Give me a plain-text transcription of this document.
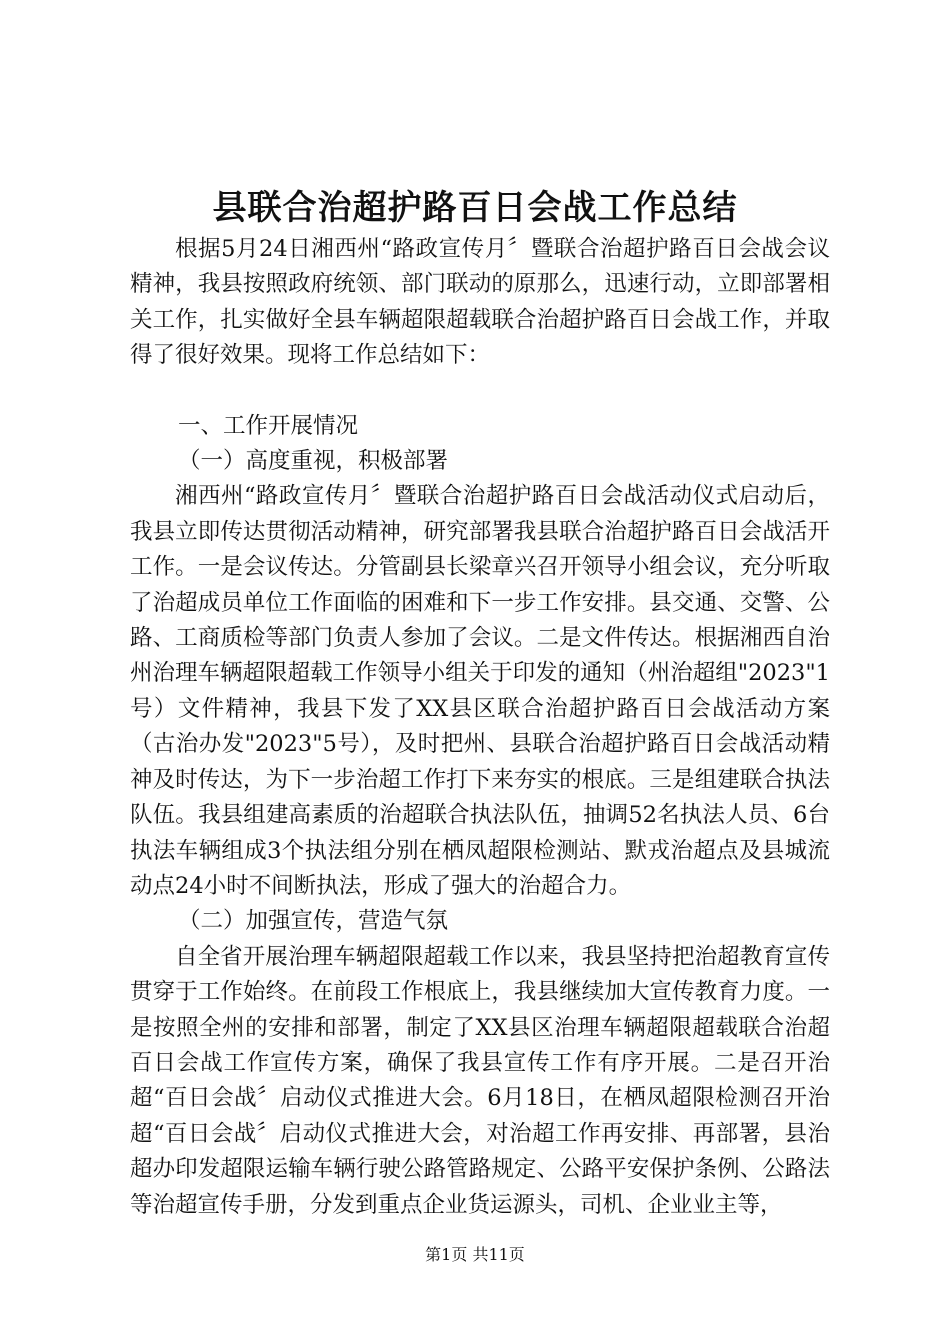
县联合治超护路百日会战工作总结

根据5月24日湘西州“路政宣传月〞暨联合治超护路百日会战会议精神，我县按照政府统领、部门联动的原那么，迅速行动，立即部署相关工作，扎实做好全县车辆超限超载联合治超护路百日会战工作，并取得了很好效果。现将工作总结如下：

一、工作开展情况

（一）高度重视，积极部署

湘西州“路政宣传月〞暨联合治超护路百日会战活动仪式启动后，我县立即传达贯彻活动精神，研究部署我县联合治超护路百日会战活开工作。一是会议传达。分管副县长梁章兴召开领导小组会议，充分听取了治超成员单位工作面临的困难和下一步工作安排。县交通、交警、公路、工商质检等部门负责人参加了会议。二是文件传达。根据湘西自治州治理车辆超限超载工作领导小组关于印发的通知（州治超组"2023"1号）文件精神，我县下发了XX县区联合治超护路百日会战活动方案（古治办发"2023"5号），及时把州、县联合治超护路百日会战活动精神及时传达，为下一步治超工作打下来夯实的根底。三是组建联合执法队伍。我县组建高素质的治超联合执法队伍，抽调52名执法人员、6台执法车辆组成3个执法组分别在栖凤超限检测站、默戎治超点及县城流动点24小时不间断执法，形成了强大的治超合力。

（二）加强宣传，营造气氛

自全省开展治理车辆超限超载工作以来，我县坚持把治超教育宣传贯穿于工作始终。在前段工作根底上，我县继续加大宣传教育力度。一是按照全州的安排和部署，制定了XX县区治理车辆超限超载联合治超百日会战工作宣传方案，确保了我县宣传工作有序开展。二是召开治超“百日会战〞启动仪式推进大会。6月18日，在栖凤超限检测召开治超“百日会战〞启动仪式推进大会，对治超工作再安排、再部署，县治超办印发超限运输车辆行驶公路管路规定、公路平安保护条例、公路法等治超宣传手册，分发到重点企业货运源头，司机、企业业主等，

第1页 共11页
